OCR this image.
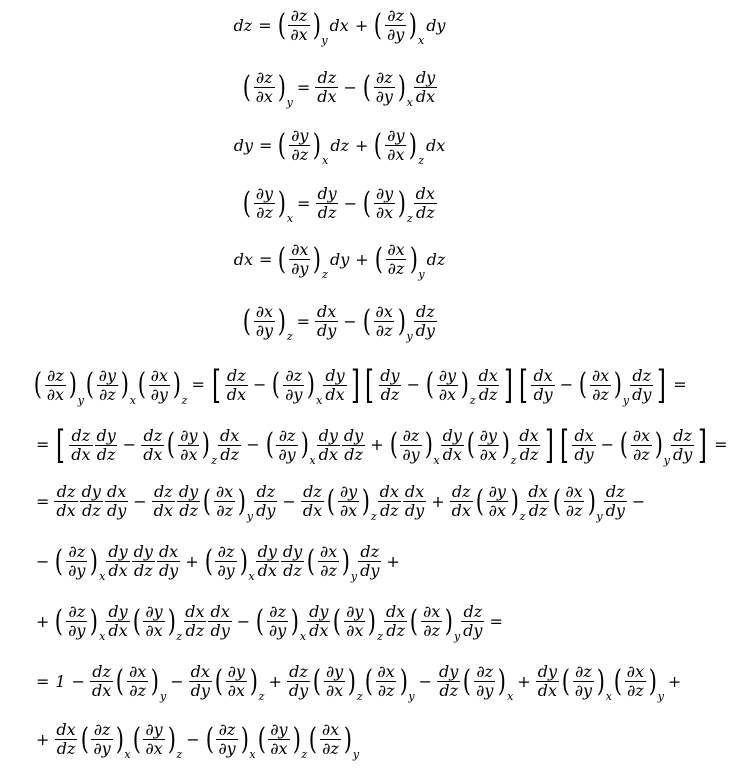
dz = ( $\frac{\partial z}{\partial x}$ ) y
dx + ( $\frac{\partial z}{\partial y}$ ) x
dy
( $\frac{\partial z}{\partial x}$ ) y
= $\frac{dz}{dx}$ − ( $\frac{\partial z}{\partial y}$ ) x $\frac{dy}{dx}$
dy = ( $\frac{\partial y}{\partial z}$ ) x
dz + ( $\frac{\partial y}{\partial x}$ ) z
dx
( $\frac{\partial y}{\partial z}$ ) x
= $\frac{dy}{dz}$ − ( $\frac{\partial y}{\partial x}$ ) z $\frac{dx}{dz}$
dx = ( $\frac{\partial x}{\partial y}$ ) z
dy + ( $\frac{\partial x}{\partial z}$ ) y
dz
( $\frac{\partial x}{\partial y}$ ) z
= $\frac{dx}{dy}$ − ( $\frac{\partial x}{\partial z}$ ) y $\frac{dz}{dy}$
( $\frac{\partial z}{\partial x}$ ) y ( $\frac{\partial y}{\partial z}$ ) x ( $\frac{\partial x}{\partial y}$ ) z
= [ $\frac{dz}{dx}$ − ( $\frac{\partial z}{\partial y}$ ) x $\frac{dy}{dx}$ ] [ $\frac{dy}{dz}$ − ( $\frac{\partial y}{\partial x}$ ) z $\frac{dx}{dz}$ ] [ $\frac{dx}{dy}$ − ( $\frac{\partial x}{\partial z}$ ) y $\frac{dz}{dy}$ ] =
= [ $\frac{dz}{dx} \frac{dy}{dz} - \frac{dz}{dx}$ ( $\frac{\partial y}{\partial x}$ ) z $\frac{dx}{dz}$ − ( $\frac{\partial z}{\partial y}$ ) x $\frac{dy}{dx} \frac{dy}{dz}$ + ( $\frac{\partial z}{\partial y}$ ) x $\frac{dy}{dx}$ ( $\frac{\partial y}{\partial x}$ ) z $\frac{dx}{dz}$ ] [ $\frac{dx}{dy}$ − ( $\frac{\partial x}{\partial z}$ ) y $\frac{dz}{dy}$ ] =
= $\frac{dz}{dx} \frac{dy}{dz} \frac{dx}{dy} - \frac{dz}{dx} \frac{dy}{dz}$ ( $\frac{\partial x}{\partial z}$ ) y $\frac{dz}{dy} - \frac{dz}{dx}$ ( $\frac{\partial y}{\partial x}$ ) z $\frac{dx}{dz} \frac{dx}{dy} + \frac{dz}{dx}$ ( $\frac{\partial y}{\partial x}$ ) z $\frac{dx}{dz}$ ( $\frac{\partial x}{\partial z}$ ) y $\frac{dz}{dy}$ −
− ( $\frac{\partial z}{\partial y}$ ) x $\frac{dy}{dx} \frac{dy}{dz} \frac{dx}{dy}$ + ( $\frac{\partial z}{\partial y}$ ) x $\frac{dy}{dx} \frac{dy}{dz}$ ( $\frac{\partial x}{\partial z}$ ) y $\frac{dz}{dy}$ +
+ ( $\frac{\partial z}{\partial y}$ ) x $\frac{dy}{dx}$ ( $\frac{\partial y}{\partial x}$ ) z $\frac{dx}{dz} \frac{dx}{dy}$ − ( $\frac{\partial z}{\partial y}$ ) x $\frac{dy}{dx}$ ( $\frac{\partial y}{\partial x}$ ) z $\frac{dx}{dz}$ ( $\frac{\partial x}{\partial z}$ ) y $\frac{dz}{dy}$ =
= $1 - \frac{dz}{dx}$ ( $\frac{\partial x}{\partial z}$ ) y
− $\frac{dx}{dy}$ ( $\frac{\partial y}{\partial x}$ ) z
+ $\frac{dz}{dy}$ ( $\frac{\partial y}{\partial x}$ ) z ( $\frac{\partial x}{\partial z}$ ) y
− $\frac{dy}{dz}$ ( $\frac{\partial z}{\partial y}$ ) x
+ $\frac{dy}{dx}$ ( $\frac{\partial z}{\partial y}$ ) x ( $\frac{\partial x}{\partial z}$ ) y
+
+ $\frac{dx}{dz}$ ( $\frac{\partial z}{\partial y}$ ) x ( $\frac{\partial y}{\partial x}$ ) z
− ( $\frac{\partial z}{\partial y}$ ) x ( $\frac{\partial y}{\partial x}$ ) z ( $\frac{\partial x}{\partial z}$ ) y
